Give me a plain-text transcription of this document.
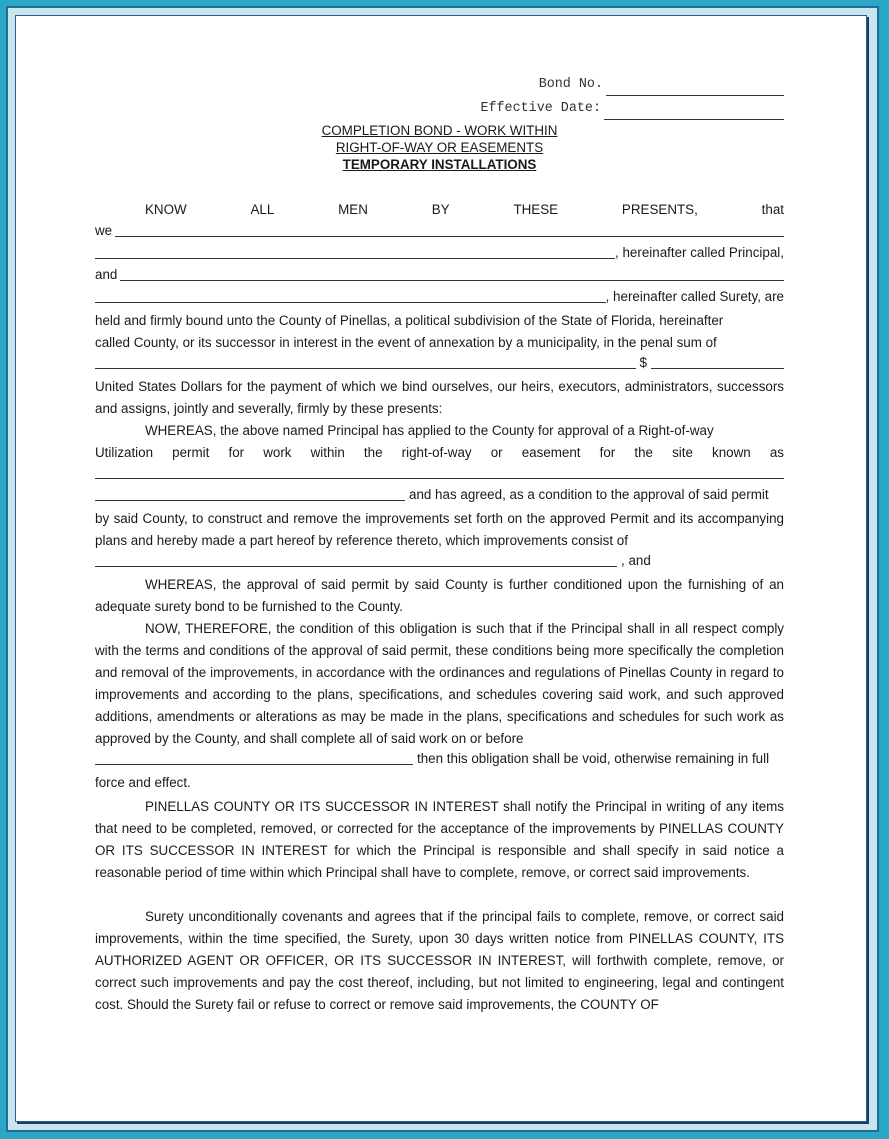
Bond No.
Effective Date:
COMPLETION BOND - WORK WITHIN
RIGHT-OF-WAY OR EASEMENTS
TEMPORARY INSTALLATIONS
KNOW	ALL	MEN	BY	THESE	PRESENTS,	that
we
, hereinafter called Principal,
and
, hereinafter called Surety, are
held and firmly bound unto the County of Pinellas, a political subdivision of the State of Florida, hereinafter
called County, or its successor in interest in the event of annexation by a municipality, in the penal sum of
$
United States Dollars for the payment of which we bind ourselves, our heirs, executors, administrators, successors and assigns, jointly and severally, firmly by these presents:
WHEREAS, the above named Principal has applied to the County for approval of a Right-of-way
Utilization permit for work within the right-of-way or easement for the site known as
and has agreed, as a condition to the approval of said permit
by said County, to construct and remove the improvements set forth on the approved Permit and its accompanying plans and hereby made a part hereof by reference thereto, which improvements consist of
, and
WHEREAS, the approval of said permit by said County is further conditioned upon the furnishing of an adequate surety bond to be furnished to the County.
NOW, THEREFORE, the condition of this obligation is such that if the Principal shall in all respect comply with the terms and conditions of the approval of said permit, these conditions being more specifically the completion and removal of the improvements, in accordance with the ordinances and regulations of Pinellas County in regard to improvements and according to the plans, specifications, and schedules covering said work, and such approved additions, amendments or alterations as may be made in the plans, specifications and schedules for such work as approved by the County, and shall complete all of said work on or before
then this obligation shall be void, otherwise remaining in full
force and effect.
PINELLAS COUNTY OR ITS SUCCESSOR IN INTEREST shall notify the Principal in writing of any items that need to be completed, removed, or corrected for the acceptance of the improvements by PINELLAS COUNTY OR ITS SUCCESSOR IN INTEREST for which the Principal is responsible and shall specify in said notice a reasonable period of time within which Principal shall have to complete, remove, or correct said improvements.
Surety unconditionally covenants and agrees that if the principal fails to complete, remove, or correct said improvements, within the time specified, the Surety, upon 30 days written notice from PINELLAS COUNTY, ITS AUTHORIZED AGENT OR OFFICER, OR ITS SUCCESSOR IN INTEREST, will forthwith complete, remove, or correct such improvements and pay the cost thereof, including, but not limited to engineering, legal and contingent cost. Should the Surety fail or refuse to correct or remove said improvements, the COUNTY OF
